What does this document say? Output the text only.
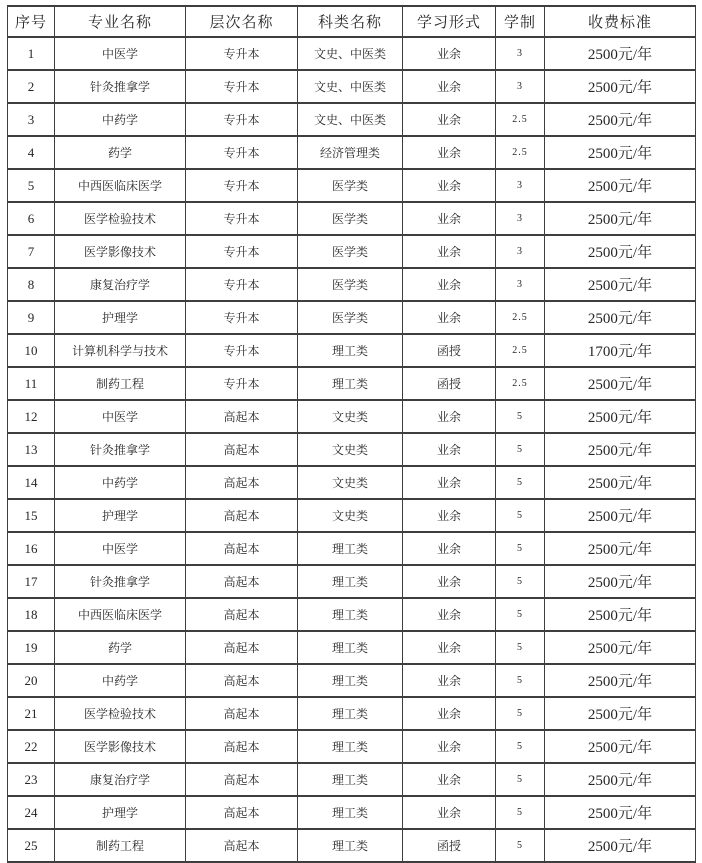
序号	专业名称	层次名称	科类名称	学习形式	学制	收费标准
1	中医学	专升本	文史、中医类	业余	3	2500元/年
2	针灸推拿学	专升本	文史、中医类	业余	3	2500元/年
3	中药学	专升本	文史、中医类	业余	2.5	2500元/年
4	药学	专升本	经济管理类	业余	2.5	2500元/年
5	中西医临床医学	专升本	医学类	业余	3	2500元/年
6	医学检验技术	专升本	医学类	业余	3	2500元/年
7	医学影像技术	专升本	医学类	业余	3	2500元/年
8	康复治疗学	专升本	医学类	业余	3	2500元/年
9	护理学	专升本	医学类	业余	2.5	2500元/年
10	计算机科学与技术	专升本	理工类	函授	2.5	1700元/年
11	制药工程	专升本	理工类	函授	2.5	2500元/年
12	中医学	高起本	文史类	业余	5	2500元/年
13	针灸推拿学	高起本	文史类	业余	5	2500元/年
14	中药学	高起本	文史类	业余	5	2500元/年
15	护理学	高起本	文史类	业余	5	2500元/年
16	中医学	高起本	理工类	业余	5	2500元/年
17	针灸推拿学	高起本	理工类	业余	5	2500元/年
18	中西医临床医学	高起本	理工类	业余	5	2500元/年
19	药学	高起本	理工类	业余	5	2500元/年
20	中药学	高起本	理工类	业余	5	2500元/年
21	医学检验技术	高起本	理工类	业余	5	2500元/年
22	医学影像技术	高起本	理工类	业余	5	2500元/年
23	康复治疗学	高起本	理工类	业余	5	2500元/年
24	护理学	高起本	理工类	业余	5	2500元/年
25	制药工程	高起本	理工类	函授	5	2500元/年
